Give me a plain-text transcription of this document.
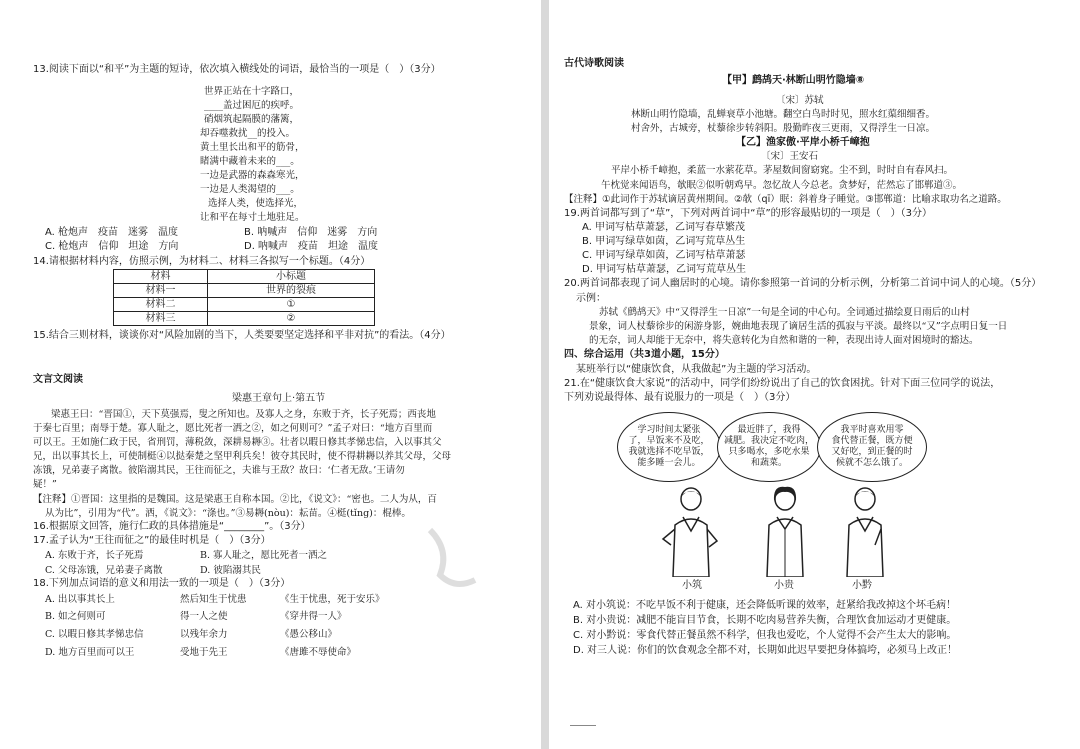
13.阅读下面以“和平”为主题的短诗，依次填入横线处的词语，最恰当的一项是（　）（3分）
世界正站在十字路口，
____盖过困厄的疾呼。
硝烟筑起隔膜的藩篱，
却吞噬救扰__的投入。
黄土里长出和平的筋骨，
睹满中藏着未来的___。
一边是武器的森森寒光，
一边是人类渴望的___。
选择人类，使选择光，
让和平在每寸土地驻足。
A. 枪炮声　疫苗　迷雾　温度	B. 呐喊声　信仰　迷雾　方向
C. 枪炮声　信仰　坦途　方向	D. 呐喊声　疫苗　坦途　温度
14.请根据材料内容，仿照示例，为材料二、材料三各拟写一个标题。（4分）
材料	小标题
材料一	世界的裂痕
材料二	①
材料三	②
15.结合三则材料，谈谈你对“风险加剧的当下，人类要要坚定选择和平非对抗”的看法。（4分）
文言文阅读
梁惠王章句上·第五节
梁惠王曰：“晋国①，天下莫强焉，叟之所知也。及寡人之身，东败于齐，长子死焉；西丧地
于秦七百里；南辱于楚。寡人耻之，愿比死者一洒之②，如之何则可？”孟子对曰：“地方百里而
可以王。王如施仁政于民，省刑罚，薄税敛，深耕易耨③。壮者以暇日修其孝悌忠信，入以事其父
兄，出以事其长上，可使制梃④以挞秦楚之坚甲利兵矣！彼夺其民时，使不得耕耨以养其父母，父母
冻饿，兄弟妻子离散。彼陷溺其民，王往而征之，夫谁与王敌？故曰：‘仁者无敌。’王请勿
疑！”
【注释】①晋国：这里指的是魏国。这是梁惠王自称本国。②比，《说文》：“密也。二人为从，百
从为比”，引用为“代”。洒，《说文》：“涤也。”③易耨(nòu)：耘苗。④梃(tǐng)：棍棒。
16.根据原文回答，施行仁政的具体措施是“________”。（3分）
17.孟子认为“王往而征之”的最佳时机是（　）（3分）
A. 东败于齐，长子死焉	B. 寡人耻之，愿比死者一洒之
C. 父母冻饿，兄弟妻子离散	D. 彼陷溺其民
18.下列加点词语的意义和用法一致的一项是（　）（3分）
A. 出以事其长上	然后知生于忧患	《生于忧患，死于安乐》
B. 如之何则可	得一人之使	《穿井得一人》
C. 以暇日修其孝悌忠信	以残年余力	《愚公移山》
D. 地方百里而可以王	受地于先王	《唐雎不辱使命》
古代诗歌阅读
【甲】鹧鸪天·林断山明竹隐墙⑧
〔宋〕苏轼
林断山明竹隐墙，乱蝉衰草小池塘。翻空白鸟时时见，照水红蕖细细香。
村舍外，古城旁，杖藜徐步转斜阳。殷勤昨夜三更雨，又得浮生一日凉。
【乙】渔家傲·平岸小桥千嶂抱
〔宋〕王安石
平岸小桥千嶂抱，柔蓝一水萦花草。茅屋数间窗窈窕。尘不到，时时自有春风扫。
午枕觉来闻语鸟，欹眠②似听朝鸡早。忽忆故人今总老。贪梦好，茫然忘了邯郸道③。
【注释】①此词作于苏轼谪居黄州期间。②欹（qī）眠：斜着身子睡觉。③邯郸道：比喻求取功名之道路。
19.两首词都写到了“草”，下列对两首词中“草”的形容最贴切的一项是（　）（3分）
A. 甲词写枯草萧瑟，乙词写春草繁茂
B. 甲词写绿草如茵，乙词写荒草丛生
C. 甲词写绿草如茵，乙词写枯草萧瑟
D. 甲词写枯草萧瑟，乙词写荒草丛生
20.两首词都表现了词人幽居时的心境。请你参照第一首词的分析示例，分析第二首词中词人的心境。（5分）
示例：
苏轼《鹧鸪天》中“又得浮生一日凉”一句是全词的中心句。全词通过描绘夏日雨后的山村
景象，词人杖藜徐步的闲游身影，婉曲地表现了谪居生活的孤寂与平淡。最终以“又”字点明日复一日
的无奈，词人却能于无奈中，将失意转化为自然和谐的一种，表现出诗人面对困境时的豁达。
四、综合运用（共3道小题，15分）
某班举行以“健康饮食，从我做起”为主题的学习活动。
21.在“健康饮食大家说”的活动中，同学们纷纷说出了自己的饮食困扰。针对下面三位同学的说法，
下列劝说最得体、最有说服力的一项是（　）（3分）
学习时间太紧张
了，早饭来不及吃，
我就选择不吃早饭，
能多睡一会儿。
最近胖了，我得
减肥。我决定不吃肉，
只多喝水，多吃水果
和蔬菜。
我平时喜欢用零
食代替正餐，既方便
又好吃，到正餐的时
候就不怎么饿了。
小筑	小贵	小黔
A. 对小筑说：不吃早饭不利于健康，还会降低听课的效率，赶紧给我改掉这个坏毛病！
B. 对小贵说：减肥不能盲目节食，长期不吃肉易营养失衡，合理饮食加运动才更健康。
C. 对小黔说：零食代替正餐虽然不科学，但我也爱吃，个人觉得不会产生太大的影响。
D. 对三人说：你们的饮食观念全都不对，长期如此迟早要把身体搞垮，必须马上改正！
